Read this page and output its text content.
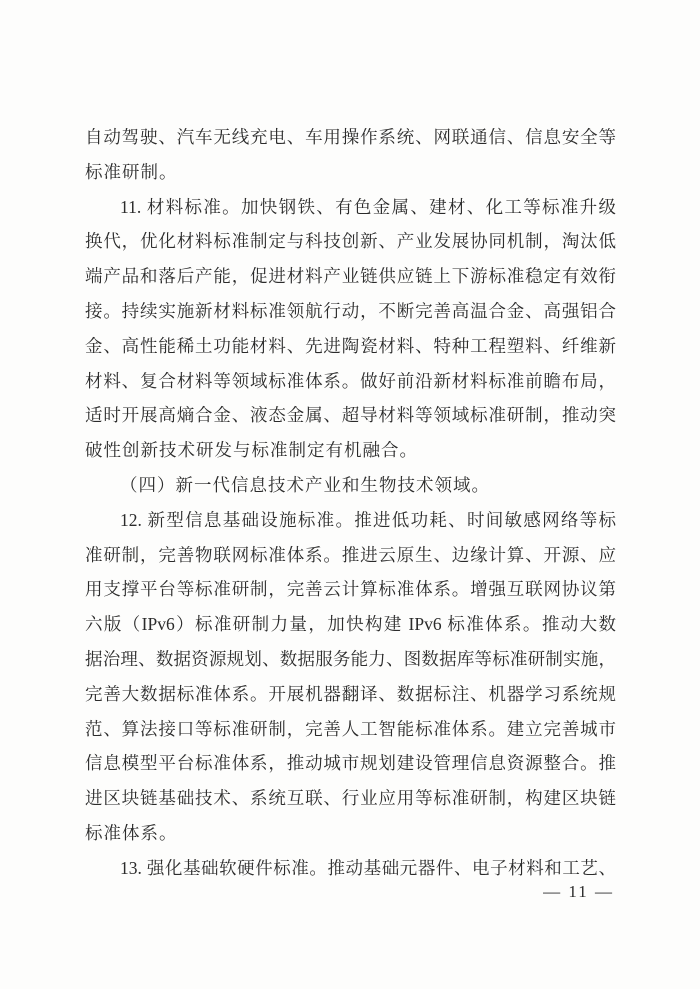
自动驾驶、汽车无线充电、车用操作系统、网联通信、信息安全等
标准研制。
11. 材料标准。加快钢铁、有色金属、建材、化工等标准升级
换代，优化材料标准制定与科技创新、产业发展协同机制，淘汰低
端产品和落后产能，促进材料产业链供应链上下游标准稳定有效衔
接。持续实施新材料标准领航行动，不断完善高温合金、高强铝合
金、高性能稀土功能材料、先进陶瓷材料、特种工程塑料、纤维新
材料、复合材料等领域标准体系。做好前沿新材料标准前瞻布局，
适时开展高熵合金、液态金属、超导材料等领域标准研制，推动突
破性创新技术研发与标准制定有机融合。
（四）新一代信息技术产业和生物技术领域。
12. 新型信息基础设施标准。推进低功耗、时间敏感网络等标
准研制，完善物联网标准体系。推进云原生、边缘计算、开源、应
用支撑平台等标准研制，完善云计算标准体系。增强互联网协议第
六版（IPv6）标准研制力量，加快构建 IPv6 标准体系。推动大数
据治理、数据资源规划、数据服务能力、图数据库等标准研制实施，
完善大数据标准体系。开展机器翻译、数据标注、机器学习系统规
范、算法接口等标准研制，完善人工智能标准体系。建立完善城市
信息模型平台标准体系，推动城市规划建设管理信息资源整合。推
进区块链基础技术、系统互联、行业应用等标准研制，构建区块链
标准体系。
13. 强化基础软硬件标准。推动基础元器件、电子材料和工艺、
— 11 —
